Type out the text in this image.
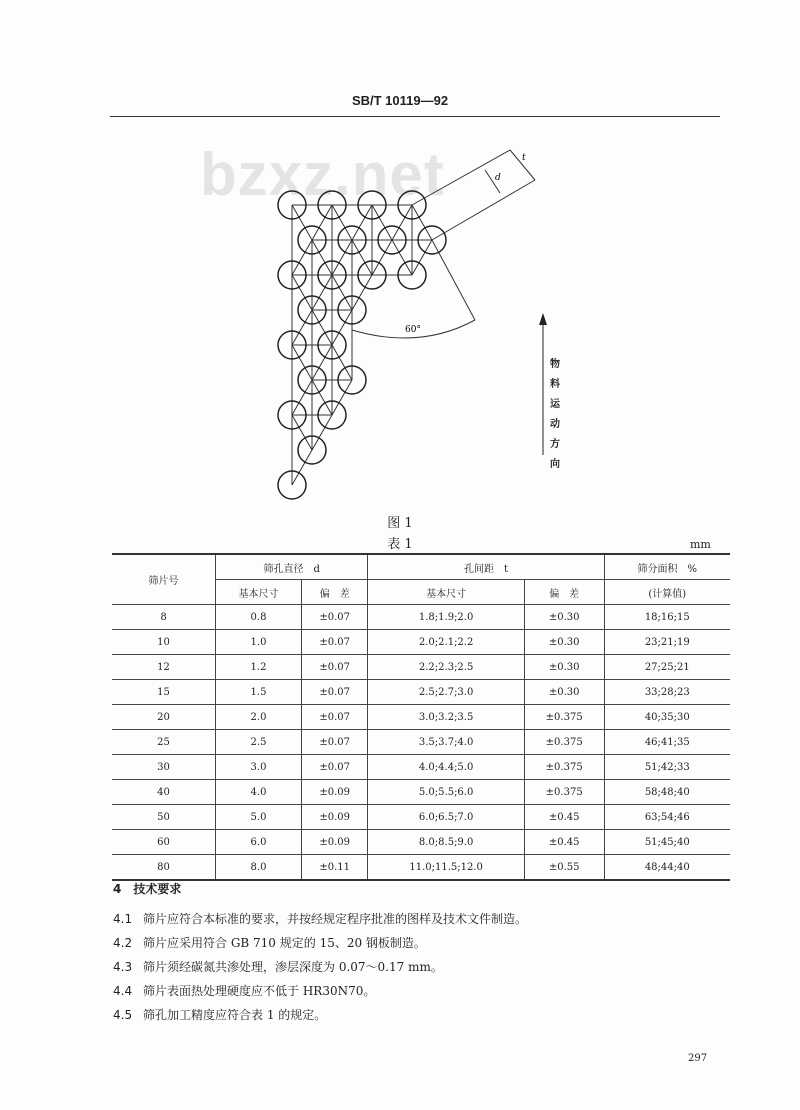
SB/T 10119—92
bzxz.net
60°
t
d
物
料
运
动
方
向
图 1
表 1	mm
筛片号	筛孔直径　d		孔间距　t		筛分面积　%
	基本尺寸	偏　差	基本尺寸	偏　差	(计算值)
8	0.8	±0.07	1.8;1.9;2.0	±0.30	18;16;15
10	1.0	±0.07	2.0;2.1;2.2	±0.30	23;21;19
12	1.2	±0.07	2.2;2.3;2.5	±0.30	27;25;21
15	1.5	±0.07	2.5;2.7;3.0	±0.30	33;28;23
20	2.0	±0.07	3.0;3.2;3.5	±0.375	40;35;30
25	2.5	±0.07	3.5;3.7;4.0	±0.375	46;41;35
30	3.0	±0.07	4.0;4.4;5.0	±0.375	51;42;33
40	4.0	±0.09	5.0;5.5;6.0	±0.375	58;48;40
50	5.0	±0.09	6.0;6.5;7.0	±0.45	63;54;46
60	6.0	±0.09	8.0;8.5;9.0	±0.45	51;45;40
80	8.0	±0.11	11.0;11.5;12.0	±0.55	48;44;40
4　技术要求
4.1 筛片应符合本标准的要求，并按经规定程序批准的图样及技术文件制造。
4.2 筛片应采用符合 GB 710 规定的 15、20 钢板制造。
4.3 筛片须经碳氮共渗处理，渗层深度为 0.07～0.17 mm。
4.4 筛片表面热处理硬度应不低于 HR30N70。
4.5 筛孔加工精度应符合表 1 的规定。
297
